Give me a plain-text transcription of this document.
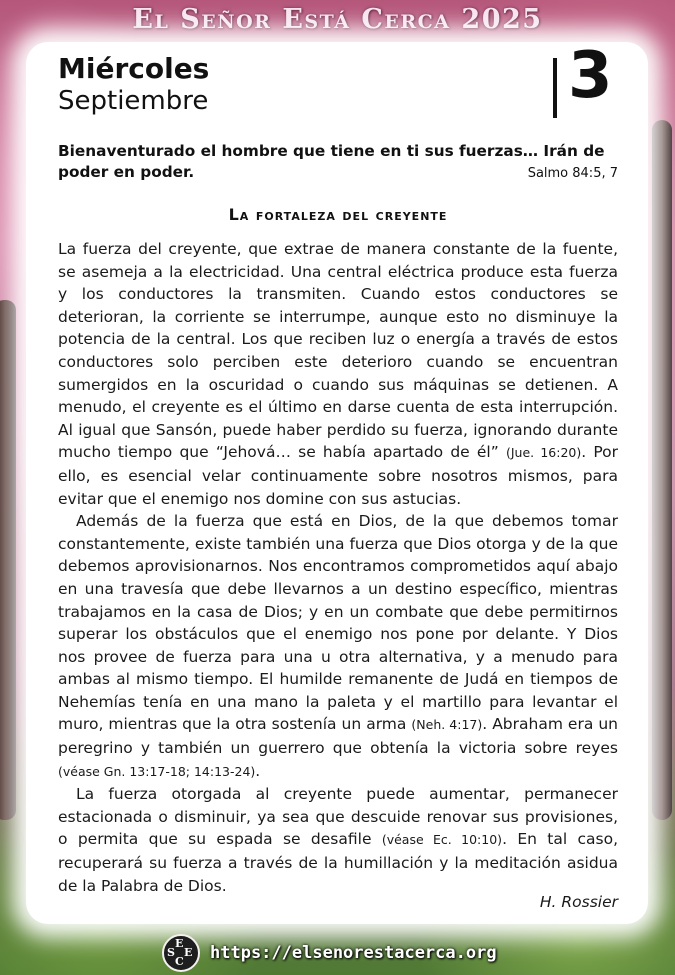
El Señor Está Cerca 2025
Miércoles
Septiembre	3
Bienaventurado el hombre que tiene en ti sus fuerzas… Irán de poder en poder.	Salmo 84:5, 7
La fortaleza del creyente

La fuerza del creyente, que extrae de manera constante de la fuente, se asemeja a la electricidad. Una central eléctrica produce esta fuerza y los conductores la transmiten. Cuando estos conductores se deterioran, la corriente se interrumpe, aunque esto no disminuye la potencia de la central. Los que reciben luz o energía a través de estos conductores solo perciben este deterioro cuando se encuentran sumergidos en la oscuridad o cuando sus máquinas se detienen. A menudo, el creyente es el último en darse cuenta de esta interrupción. Al igual que Sansón, puede haber perdido su fuerza, ignorando durante mucho tiempo que “Jehová… se había apartado de él” (Jue. 16:20). Por ello, es esencial velar continuamente sobre nosotros mismos, para evitar que el enemigo nos domine con sus astucias.

Además de la fuerza que está en Dios, de la que debemos tomar constantemente, existe también una fuerza que Dios otorga y de la que debemos aprovisionarnos. Nos encontramos comprometidos aquí abajo en una travesía que debe llevarnos a un destino específico, mientras trabajamos en la casa de Dios; y en un combate que debe permitirnos superar los obstáculos que el enemigo nos pone por delante. Y Dios nos provee de fuerza para una u otra alternativa, y a menudo para ambas al mismo tiempo. El humilde remanente de Judá en tiempos de Nehemías tenía en una mano la paleta y el martillo para levantar el muro, mientras que la otra sostenía un arma (Neh. 4:17). Abraham era un peregrino y también un guerrero que obtenía la victoria sobre reyes (véase Gn. 13:17-18; 14:13-24).

La fuerza otorgada al creyente puede aumentar, permanecer estacionada o disminuir, ya sea que descuide renovar sus provisiones, o permita que su espada se desafile (véase Ec. 10:10). En tal caso, recuperará su fuerza a través de la humillación y la meditación asidua de la Palabra de Dios.

H. Rossier
E
S E
C https://elsenorestacerca.org
